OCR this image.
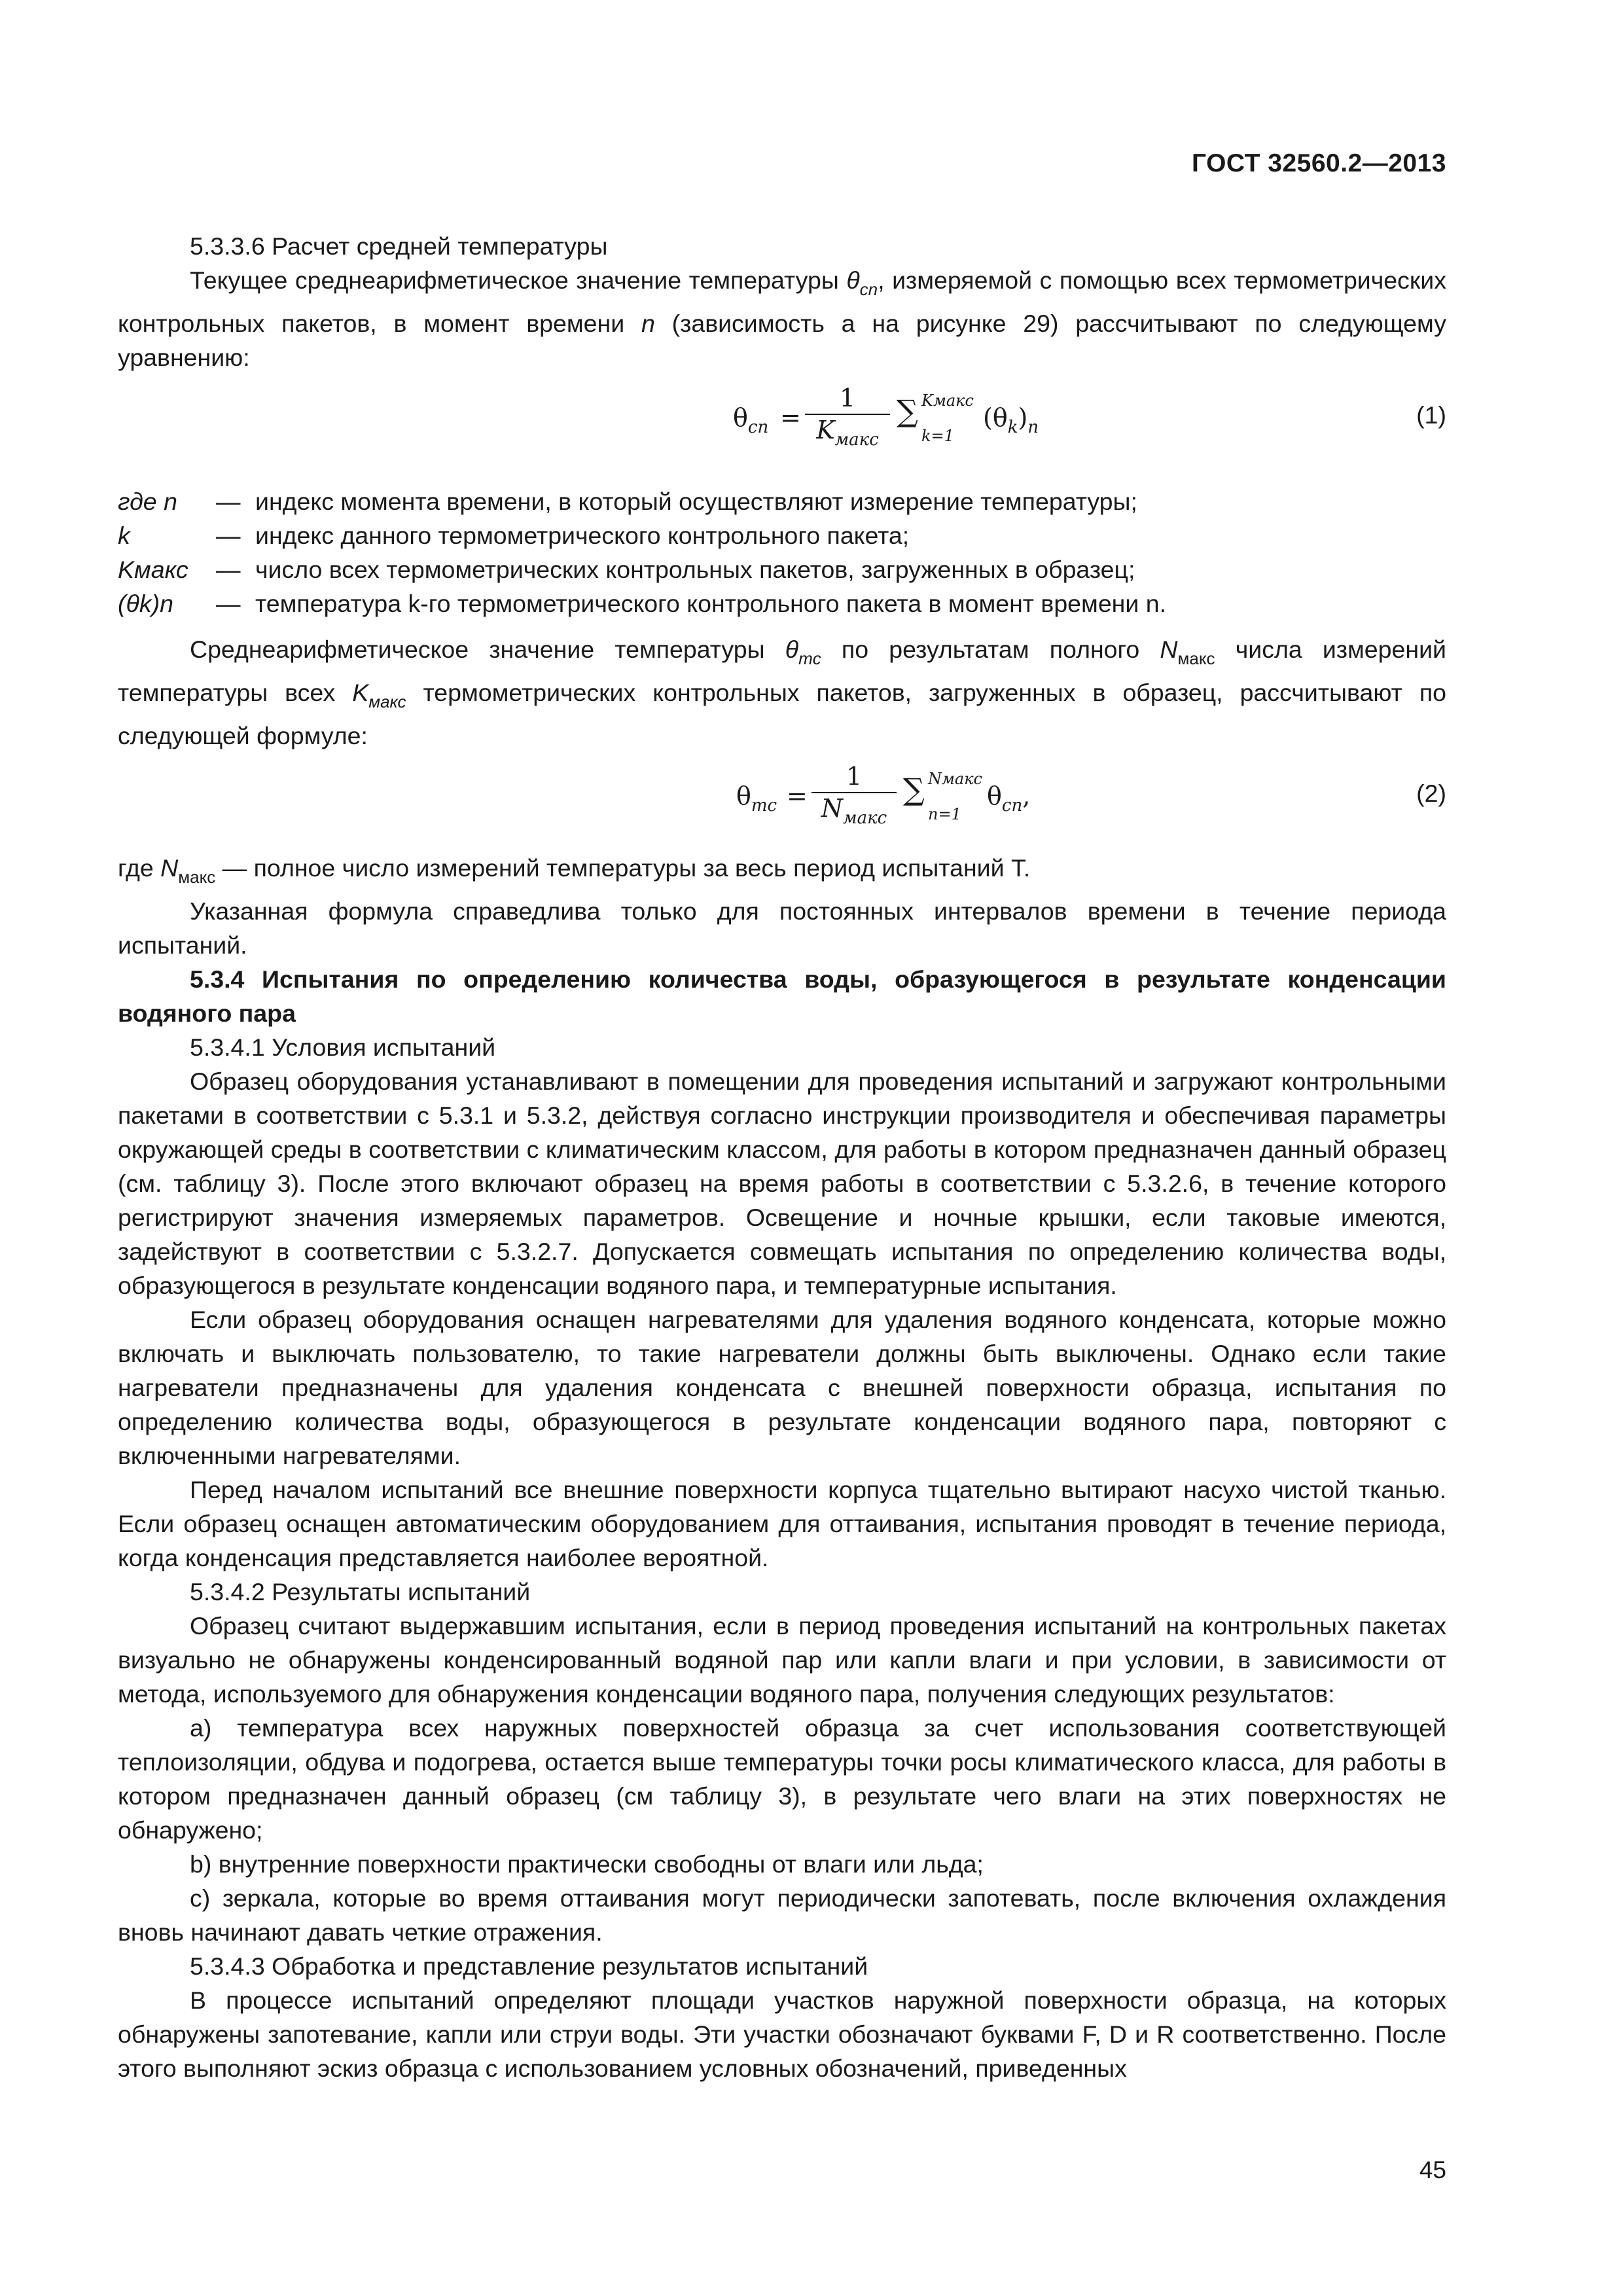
ГОСТ 32560.2—2013

5.3.3.6 Расчет средней температуры

Текущее среднеарифметическое значение температуры $\theta_{cn}$, измеряемой с помощью всех термометрических контрольных пакетов, в момент времени n (зависимость а на рисунке 29) рассчитывают по следующему уравнению:

$\theta_{cn}$ =
1
$K_{макс}$
∑ Kмакс
k=1
$(\theta_k)_n$	(1)
где n	— индекс момента времени, в который осуществляют измерение температуры;
k	— индекс данного термометрического контрольного пакета;
Kмакс	— число всех термометрических контрольных пакетов, загруженных в образец;
(θk)n	— температура k-го термометрического контрольного пакета в момент времени n.

Среднеарифметическое значение температуры $\theta_{mc}$ по результатам полного $N_{макс}$ числа измерений температуры всех $K_{макс}$ термометрических контрольных пакетов, загруженных в образец, рассчитывают по следующей формуле:

$\theta_{mc}$ =
1
$N_{макс}$
∑ Nмакс
n=1
$\theta_{cn}$,	(2)

где $N_{макс}$ — полное число измерений температуры за весь период испытаний Т.

Указанная формула справедлива только для постоянных интервалов времени в течение периода испытаний.

5.3.4 Испытания по определению количества воды, образующегося в результате конденсации водяного пара

5.3.4.1 Условия испытаний

Образец оборудования устанавливают в помещении для проведения испытаний и загружают контрольными пакетами в соответствии с 5.3.1 и 5.3.2, действуя согласно инструкции производителя и обеспечивая параметры окружающей среды в соответствии с климатическим классом, для работы в котором предназначен данный образец (см. таблицу 3). После этого включают образец на время работы в соответствии с 5.3.2.6, в течение которого регистрируют значения измеряемых параметров. Освещение и ночные крышки, если таковые имеются, задействуют в соответствии с 5.3.2.7. Допускается совмещать испытания по определению количества воды, образующегося в результате конденсации водяного пара, и температурные испытания.

Если образец оборудования оснащен нагревателями для удаления водяного конденсата, которые можно включать и выключать пользователю, то такие нагреватели должны быть выключены. Однако если такие нагреватели предназначены для удаления конденсата с внешней поверхности образца, испытания по определению количества воды, образующегося в результате конденсации водяного пара, повторяют с включенными нагревателями.

Перед началом испытаний все внешние поверхности корпуса тщательно вытирают насухо чистой тканью. Если образец оснащен автоматическим оборудованием для оттаивания, испытания проводят в течение периода, когда конденсация представляется наиболее вероятной.

5.3.4.2 Результаты испытаний

Образец считают выдержавшим испытания, если в период проведения испытаний на контрольных пакетах визуально не обнаружены конденсированный водяной пар или капли влаги и при условии, в зависимости от метода, используемого для обнаружения конденсации водяного пара, получения следующих результатов:

a) температура всех наружных поверхностей образца за счет использования соответствующей теплоизоляции, обдува и подогрева, остается выше температуры точки росы климатического класса, для работы в котором предназначен данный образец (см таблицу 3), в результате чего влаги на этих поверхностях не обнаружено;

b) внутренние поверхности практически свободны от влаги или льда;

c) зеркала, которые во время оттаивания могут периодически запотевать, после включения охлаждения вновь начинают давать четкие отражения.

5.3.4.3 Обработка и представление результатов испытаний

В процессе испытаний определяют площади участков наружной поверхности образца, на которых обнаружены запотевание, капли или струи воды. Эти участки обозначают буквами F, D и R соответственно. После этого выполняют эскиз образца с использованием условных обозначений, приведенных

45
